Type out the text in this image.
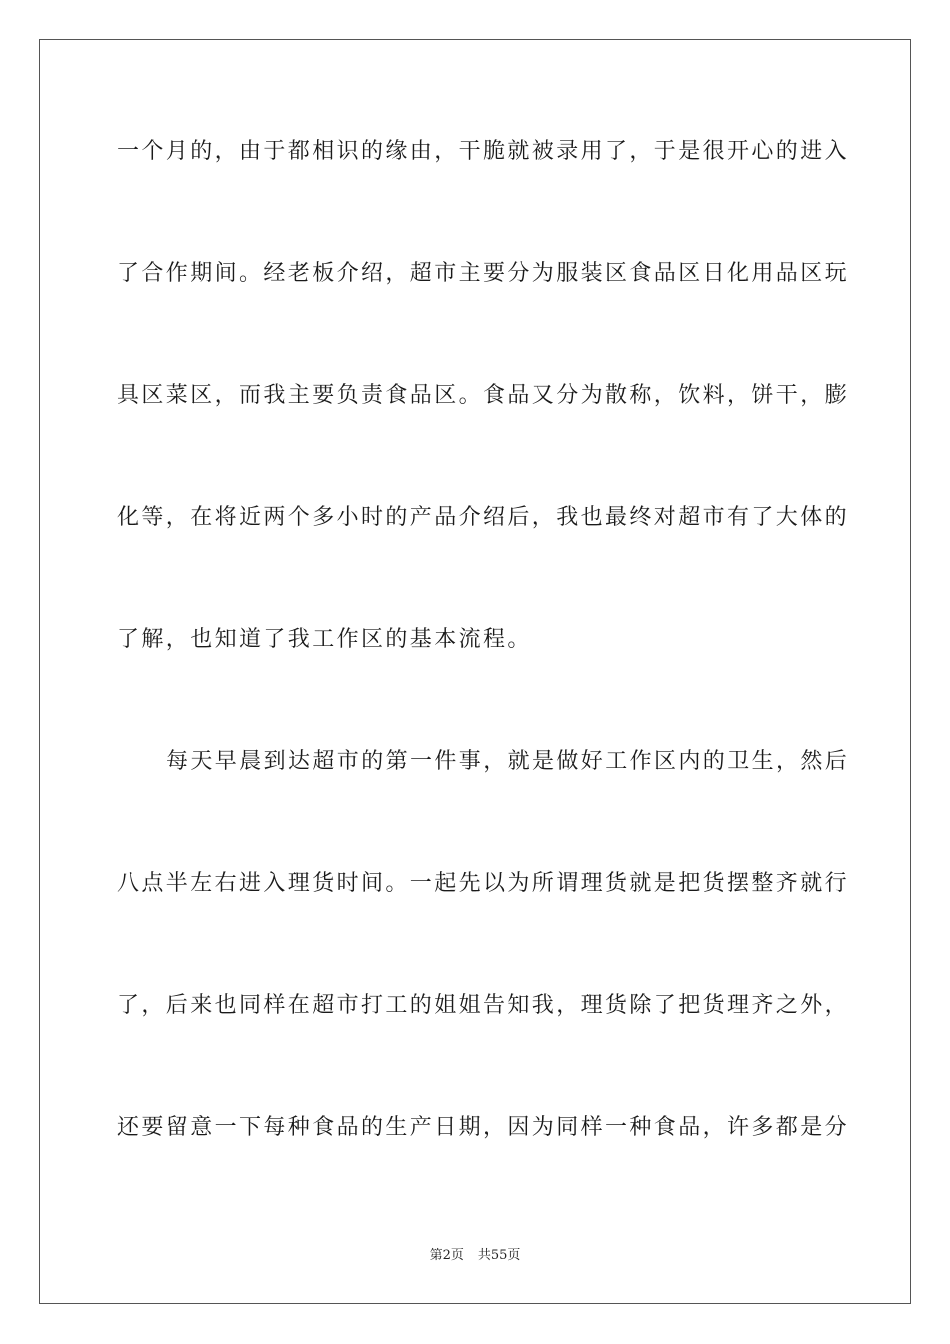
一个月的，由于都相识的缘由，干脆就被录用了，于是很开心的进入

了合作期间。经老板介绍，超市主要分为服装区食品区日化用品区玩

具区菜区，而我主要负责食品区。食品又分为散称，饮料，饼干，膨

化等，在将近两个多小时的产品介绍后，我也最终对超市有了大体的

了解，也知道了我工作区的基本流程。

每天早晨到达超市的第一件事，就是做好工作区内的卫生，然后

八点半左右进入理货时间。一起先以为所谓理货就是把货摆整齐就行

了，后来也同样在超市打工的姐姐告知我，理货除了把货理齐之外，

还要留意一下每种食品的生产日期，因为同样一种食品，许多都是分

第2页 共55页
